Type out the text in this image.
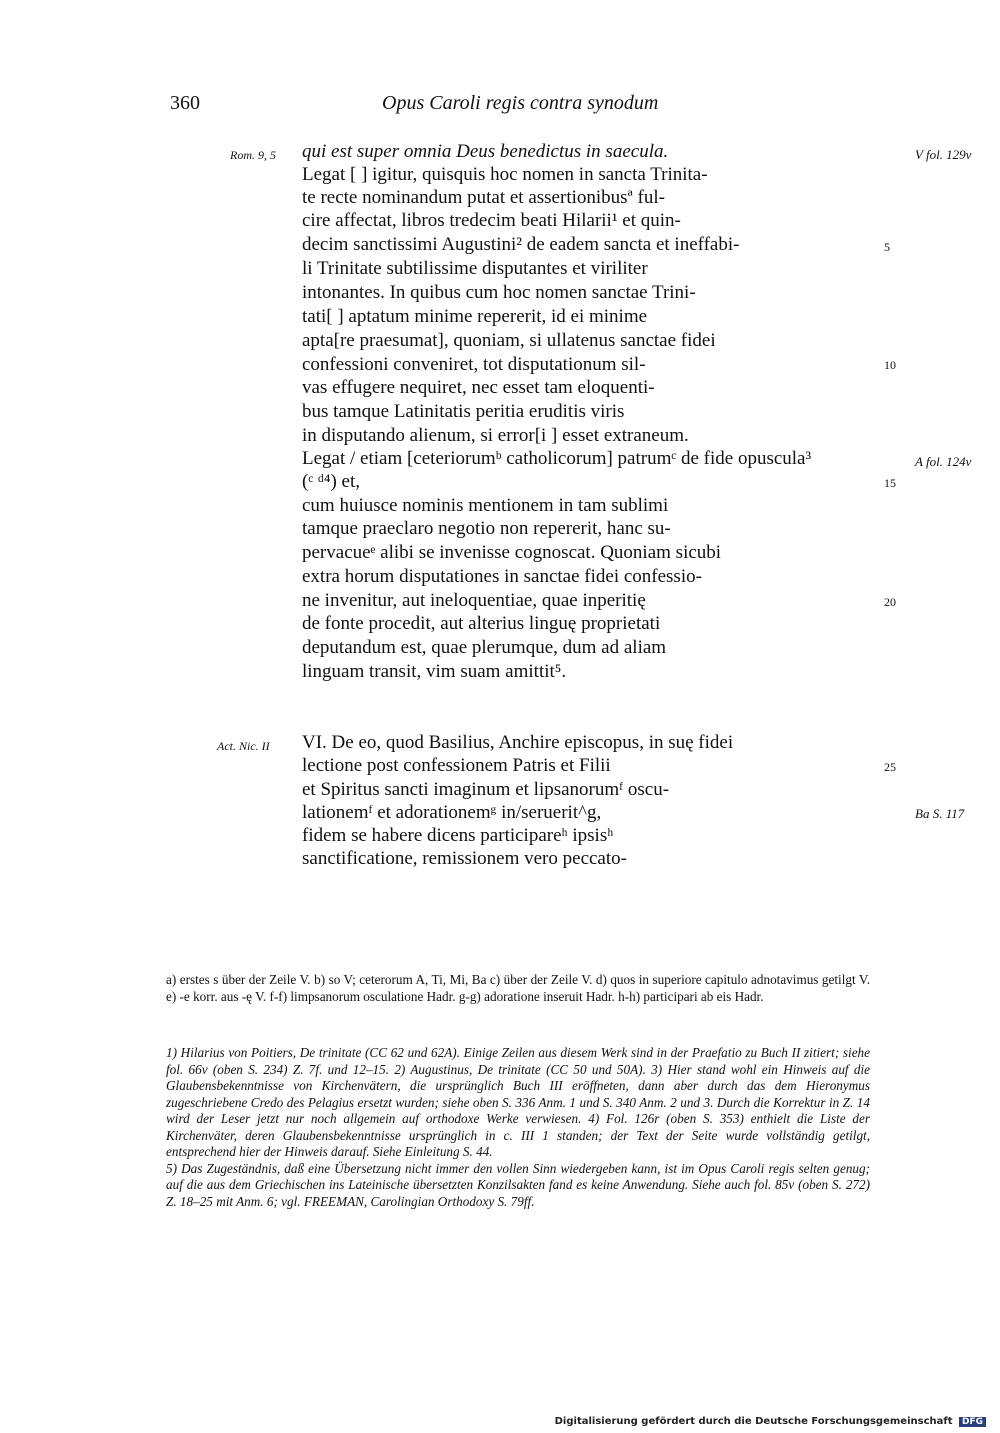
360	Opus Caroli regis contra synodum
qui est super omnia Deus benedictus in saecula.
Legat [ ] igitur, quisquis hoc nomen in sancta Trinita-
te recte nominandum putat et assertionibusª ful-
cire affectat, libros tredecim beati Hilarii¹ et quin-
decim sanctissimi Augustini² de eadem sancta et ineffabi-
li Trinitate subtilissime disputantes et viriliter
intonantes. In quibus cum hoc nomen sanctae Trini-
tati[ ] aptatum minime repererit, id ei minime
apta[re praesumat], quoniam, si ullatenus sanctae fidei
confessioni conveniret, tot disputationum sil-
vas effugere nequiret, nec esset tam eloquenti-
bus tamque Latinitatis peritia eruditis viris
in disputando alienum, si error[i ] esset extraneum.
Legat / etiam [ceteriorumᵇ catholicorum] patrumᶜ de fide opuscula³
(ᶜ ᵈ⁴) et,
cum huiusce nominis mentionem in tam sublimi
tamque praeclaro negotio non repererit, hanc su-
pervacueᵉ alibi se invenisse cognoscat. Quoniam sicubi
extra horum disputationes in sanctae fidei confessio-
ne invenitur, aut ineloquentiae, quae inperitię
de fonte procedit, aut alterius linguę proprietati
deputandum est, quae plerumque, dum ad aliam
linguam transit, vim suam amittit⁵.
VI. De eo, quod Basilius, Anchire episcopus, in suę fidei
lectione post confessionem Patris et Filii
et Spiritus sancti imaginum et lipsanorumᶠ oscu-
lationemᶠ et adorationemᵍ in/seruerit^g,
fidem se habere dicens participareʰ ipsisʰ
sanctificatione, remissionem vero peccato-
5
10
15
20
25
Rom. 9, 5
Act. Nic. II
V fol. 129v
A fol. 124v
Ba S. 117

a) erstes s über der Zeile V. b) so V; ceterorum A, Ti, Mi, Ba c) über der Zeile V. d) quos in superiore capitulo adnotavimus getilgt V. e) -e korr. aus -ę V. f-f) limpsanorum osculatione Hadr. g-g) adoratione inseruit Hadr. h-h) participari ab eis Hadr.

1) Hilarius von Poitiers, De trinitate (CC 62 und 62A). Einige Zeilen aus diesem Werk sind in der Praefatio zu Buch II zitiert; siehe fol. 66v (oben S. 234) Z. 7f. und 12–15. 2) Augustinus, De trinitate (CC 50 und 50A). 3) Hier stand wohl ein Hinweis auf die Glaubensbekenntnisse von Kirchenvätern, die ursprünglich Buch III eröffneten, dann aber durch das dem Hieronymus zugeschriebene Credo des Pelagius ersetzt wurden; siehe oben S. 336 Anm. 1 und S. 340 Anm. 2 und 3. Durch die Korrektur in Z. 14 wird der Leser jetzt nur noch allgemein auf orthodoxe Werke verwiesen. 4) Fol. 126r (oben S. 353) enthielt die Liste der Kirchenväter, deren Glaubensbekenntnisse ursprünglich in c. III 1 standen; der Text der Seite wurde vollständig getilgt, entsprechend hier der Hinweis darauf. Siehe Einleitung S. 44.

5) Das Zugeständnis, daß eine Übersetzung nicht immer den vollen Sinn wiedergeben kann, ist im Opus Caroli regis selten genug; auf die aus dem Griechischen ins Lateinische übersetzten Konzilsakten fand es keine Anwendung. Siehe auch fol. 85v (oben S. 272) Z. 18–25 mit Anm. 6; vgl. FREEMAN, Carolingian Orthodoxy S. 79ff.

Digitalisierung gefördert durch die Deutsche Forschungsgemeinschaft DFG
